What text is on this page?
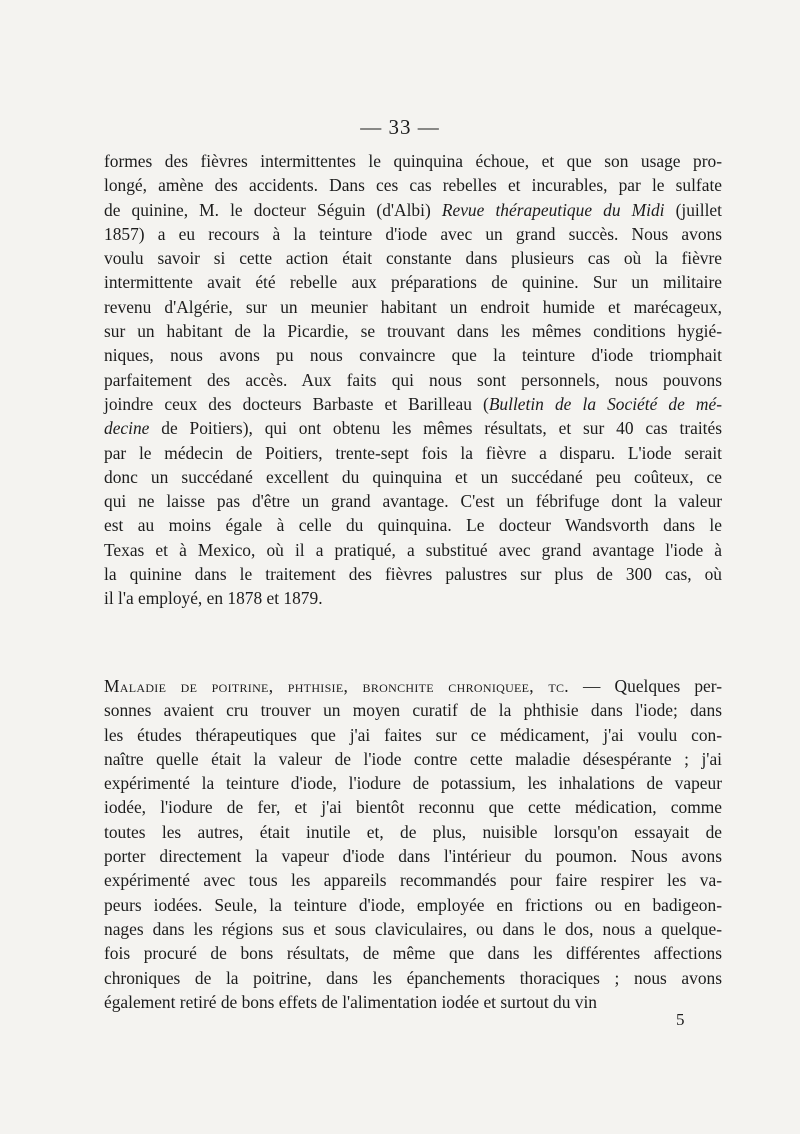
— 33 —
formes des fièvres intermittentes le quinquina échoue, et que son usage pro-
longé, amène des accidents. Dans ces cas rebelles et incurables, par le sulfate
de quinine, M. le docteur Séguin (d'Albi) Revue thérapeutique du Midi (juillet
1857) a eu recours à la teinture d'iode avec un grand succès. Nous avons
voulu savoir si cette action était constante dans plusieurs cas où la fièvre
intermittente avait été rebelle aux préparations de quinine. Sur un militaire
revenu d'Algérie, sur un meunier habitant un endroit humide et marécageux,
sur un habitant de la Picardie, se trouvant dans les mêmes conditions hygié-
niques, nous avons pu nous convaincre que la teinture d'iode triomphait
parfaitement des accès. Aux faits qui nous sont personnels, nous pouvons
joindre ceux des docteurs Barbaste et Barilleau (Bulletin de la Société de mé-
decine de Poitiers), qui ont obtenu les mêmes résultats, et sur 40 cas traités
par le médecin de Poitiers, trente-sept fois la fièvre a disparu. L'iode serait
donc un succédané excellent du quinquina et un succédané peu coûteux, ce
qui ne laisse pas d'être un grand avantage. C'est un fébrifuge dont la valeur
est au moins égale à celle du quinquina. Le docteur Wandsvorth dans le
Texas et à Mexico, où il a pratiqué, a substitué avec grand avantage l'iode à
la quinine dans le traitement des fièvres palustres sur plus de 300 cas, où
il l'a employé, en 1878 et 1879.
Maladie de poitrine, phthisie, bronchite chroniquee, tc. — Quelques per-
sonnes avaient cru trouver un moyen curatif de la phthisie dans l'iode; dans
les études thérapeutiques que j'ai faites sur ce médicament, j'ai voulu con-
naître quelle était la valeur de l'iode contre cette maladie désespérante ; j'ai
expérimenté la teinture d'iode, l'iodure de potassium, les inhalations de vapeur
iodée, l'iodure de fer, et j'ai bientôt reconnu que cette médication, comme
toutes les autres, était inutile et, de plus, nuisible lorsqu'on essayait de
porter directement la vapeur d'iode dans l'intérieur du poumon. Nous avons
expérimenté avec tous les appareils recommandés pour faire respirer les va-
peurs iodées. Seule, la teinture d'iode, employée en frictions ou en badigeon-
nages dans les régions sus et sous claviculaires, ou dans le dos, nous a quelque-
fois procuré de bons résultats, de même que dans les différentes affections
chroniques de la poitrine, dans les épanchements thoraciques ; nous avons
également retiré de bons effets de l'alimentation iodée et surtout du vin
5
